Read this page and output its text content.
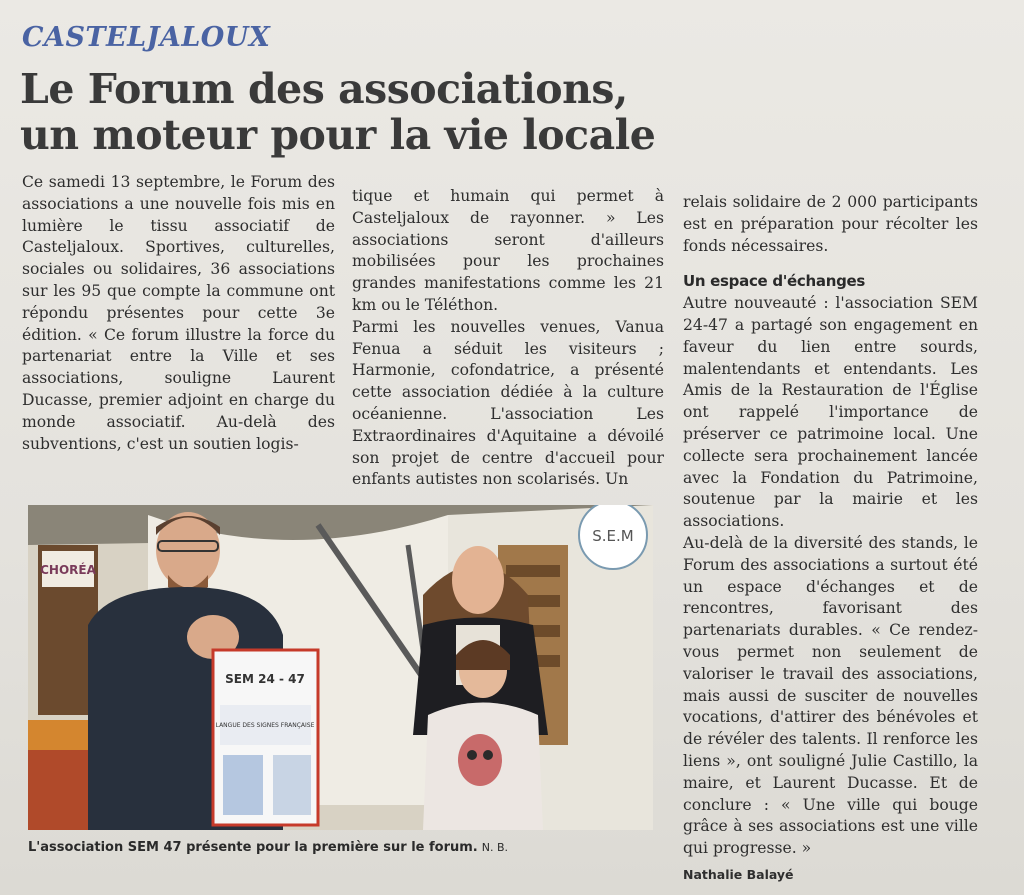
CASTELJALOUX
Le Forum des associations,
un moteur pour la vie locale

Ce samedi 13 septembre, le Forum des associations a une nouvelle fois mis en lumière le tissu associatif de Casteljaloux. Sportives, culturelles, sociales ou solidaires, 36 associations sur les 95 que compte la commune ont répondu présentes pour cette 3e édition. « Ce forum illustre la force du partenariat entre la Ville et ses associations, souligne Laurent Ducasse, premier adjoint en charge du monde associatif. Au-delà des subventions, c'est un soutien logis-

tique et humain qui permet à Casteljaloux de rayonner. » Les associations seront d'ailleurs mobilisées pour les prochaines grandes manifestations comme les 21 km ou le Téléthon.

Parmi les nouvelles venues, Vanua Fenua a séduit les visiteurs ; Harmonie, cofondatrice, a présenté cette association dédiée à la culture océanienne. L'association Les Extraordinaires d'Aquitaine a dévoilé son projet de centre d'accueil pour enfants autistes non scolarisés. Un

relais solidaire de 2 000 participants est en préparation pour récolter les fonds nécessaires.

Un espace d'échanges

Autre nouveauté : l'association SEM 24-47 a partagé son engagement en faveur du lien entre sourds, malentendants et entendants. Les Amis de la Restauration de l'Église ont rappelé l'importance de préserver ce patrimoine local. Une collecte sera prochainement lancée avec la Fondation du Patrimoine, soutenue par la mairie et les associations.

Au-delà de la diversité des stands, le Forum des associations a surtout été un espace d'échanges et de rencontres, favorisant des partenariats durables. « Ce rendez-vous permet non seulement de valoriser le travail des associations, mais aussi de susciter de nouvelles vocations, d'attirer des bénévoles et de révéler des talents. Il renforce les liens », ont souligné Julie Castillo, la maire, et Laurent Ducasse. Et de conclure : « Une ville qui bouge grâce à ses associations est une ville qui progresse. »

Nathalie Balayé

CHORÉA
S.E.M
SEM 24 - 47
LANGUE DES SIGNES FRANÇAISE
L'association SEM 47 présente pour la première sur le forum. N. B.
